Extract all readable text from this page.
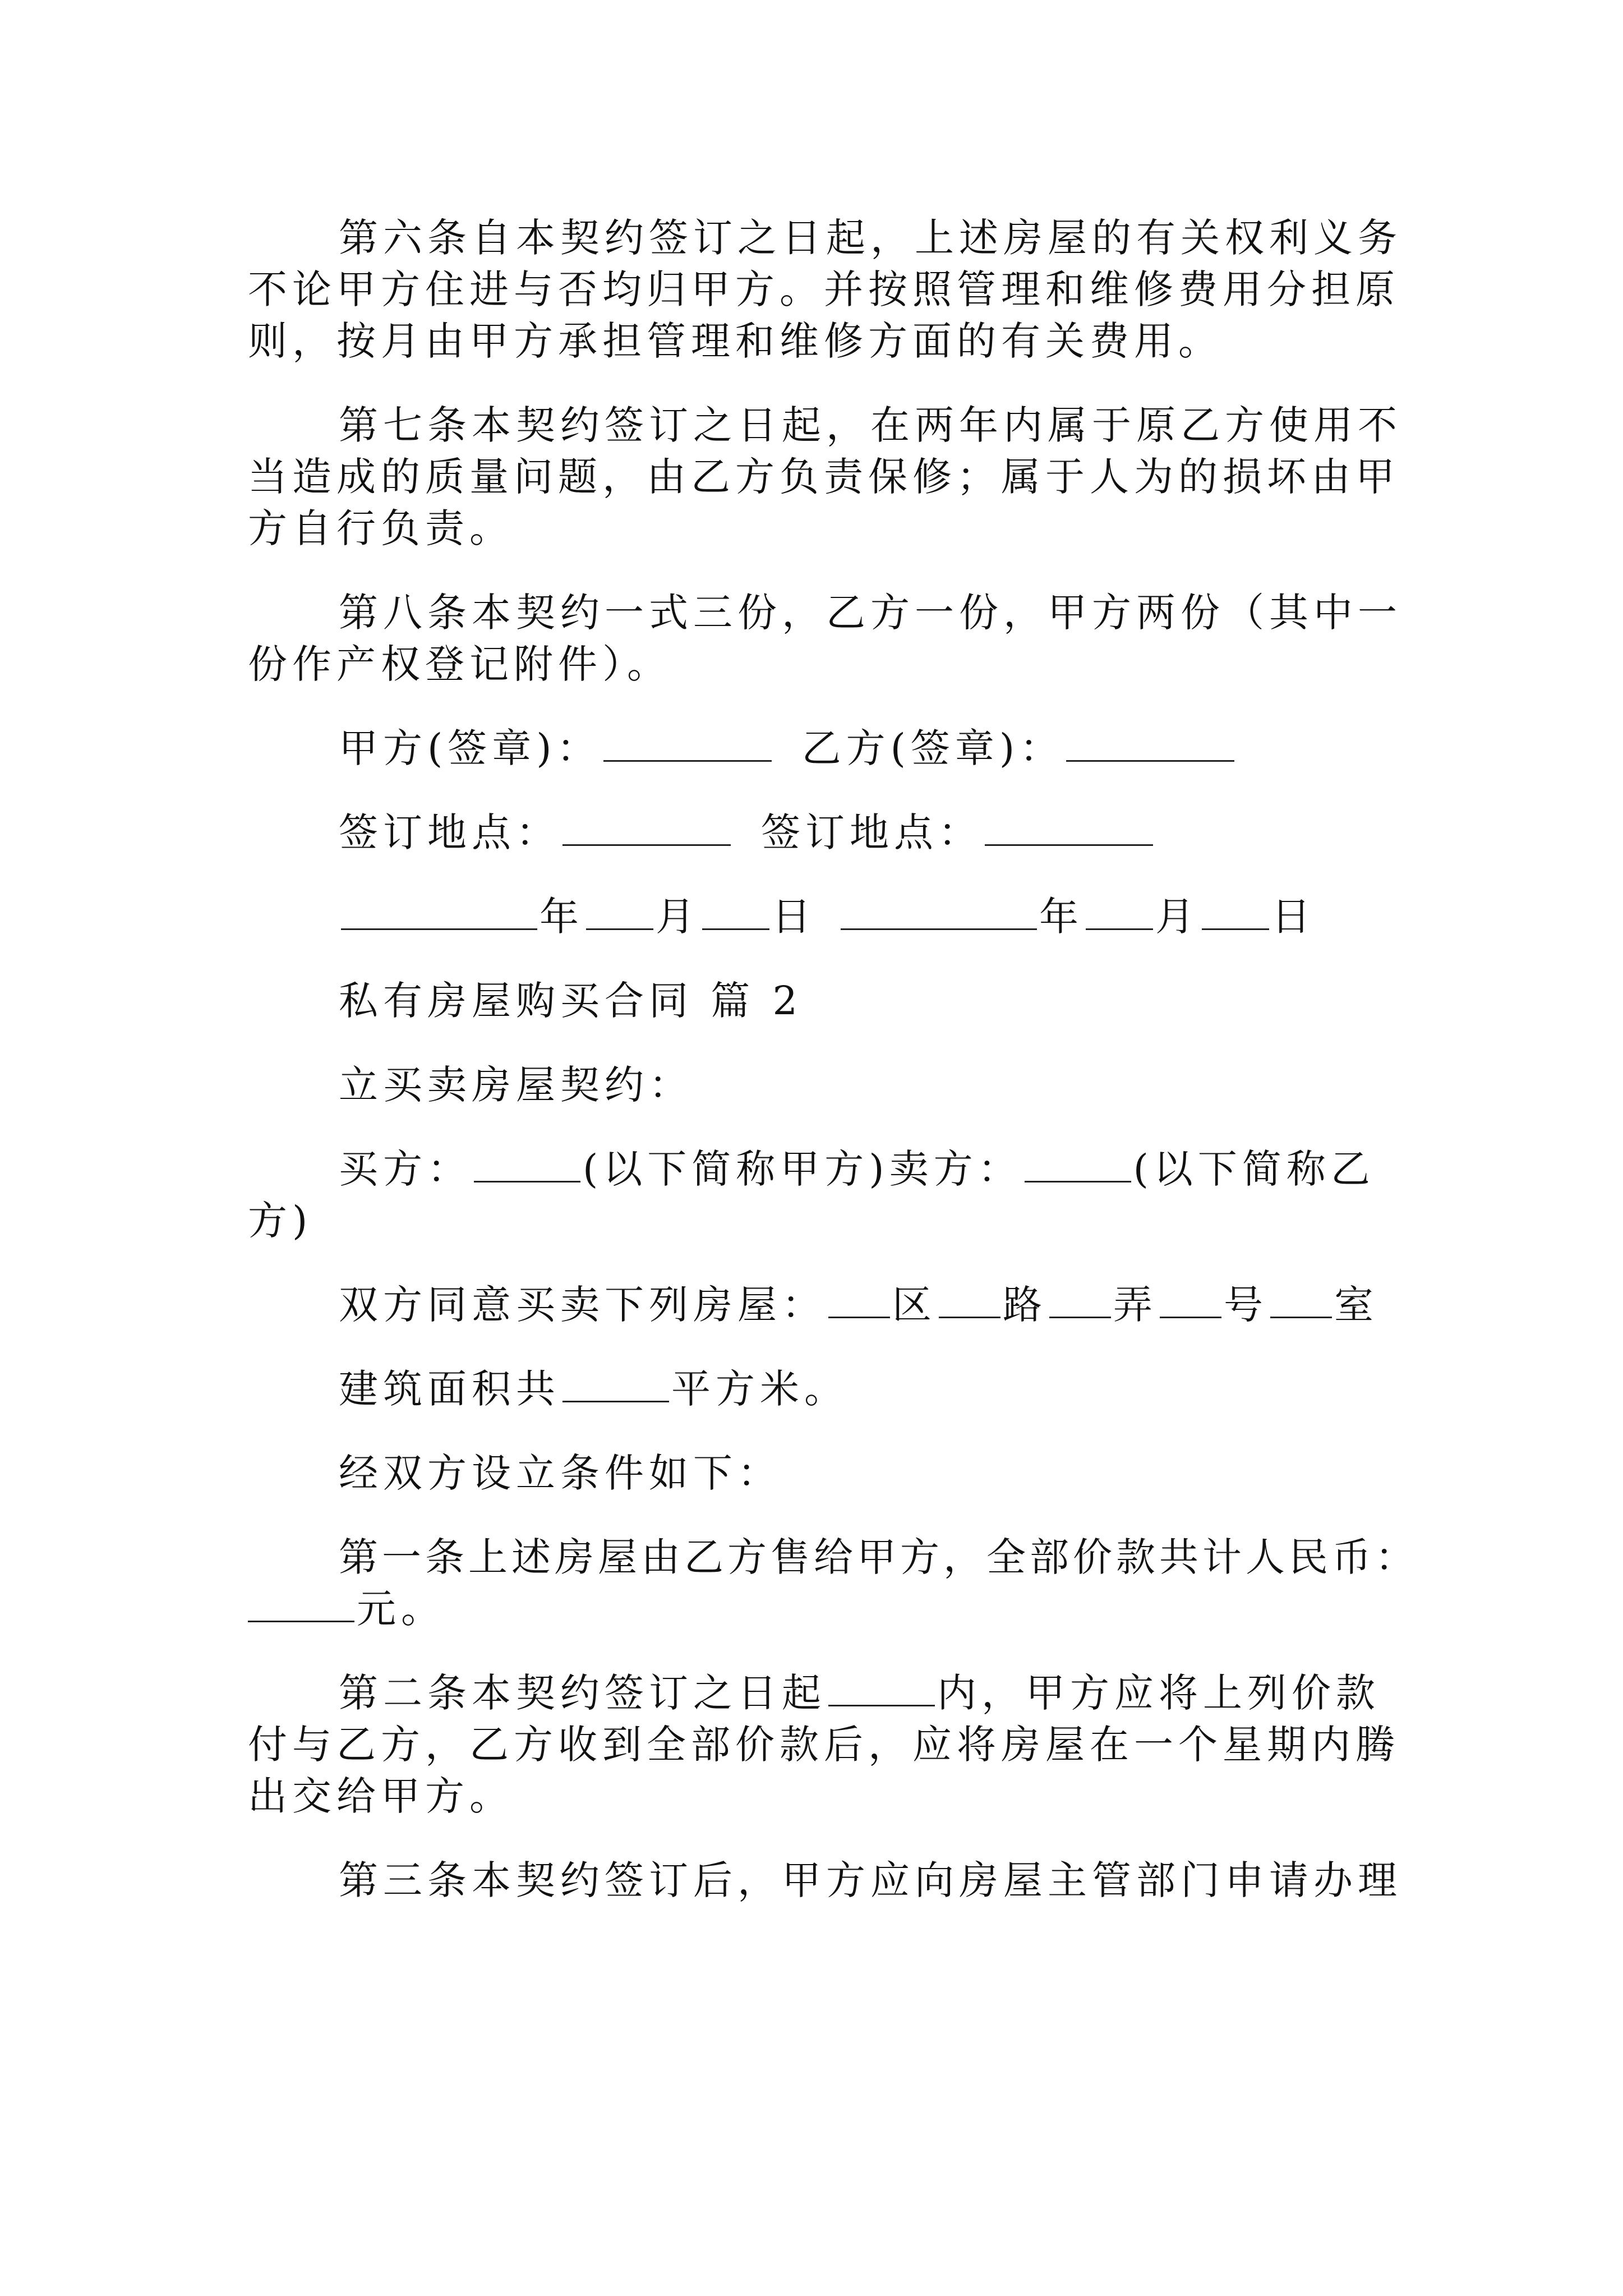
第六条自本契约签订之日起，上述房屋的有关权利义务
不论甲方住进与否均归甲方。并按照管理和维修费用分担原
则，按月由甲方承担管理和维修方面的有关费用。
第七条本契约签订之日起，在两年内属于原乙方使用不
当造成的质量问题，由乙方负责保修；属于人为的损坏由甲
方自行负责。
第八条本契约一式三份，乙方一份，甲方两份（其中一
份作产权登记附件）。
甲方(签章)：	乙方(签章)：
签订地点：	签订地点：
年 月 日	年 月 日
私有房屋购买合同 篇 2
立买卖房屋契约：
买方：	(以下简称甲方)卖方：	(以下简称乙
方)
双方同意买卖下列房屋： 区 路 弄 号 室
建筑面积共	平方米。
经双方设立条件如下：
第一条上述房屋由乙方售给甲方，全部价款共计人民币：
元。
第二条本契约签订之日起	内，甲方应将上列价款
付与乙方，乙方收到全部价款后，应将房屋在一个星期内腾
出交给甲方。
第三条本契约签订后，甲方应向房屋主管部门申请办理
